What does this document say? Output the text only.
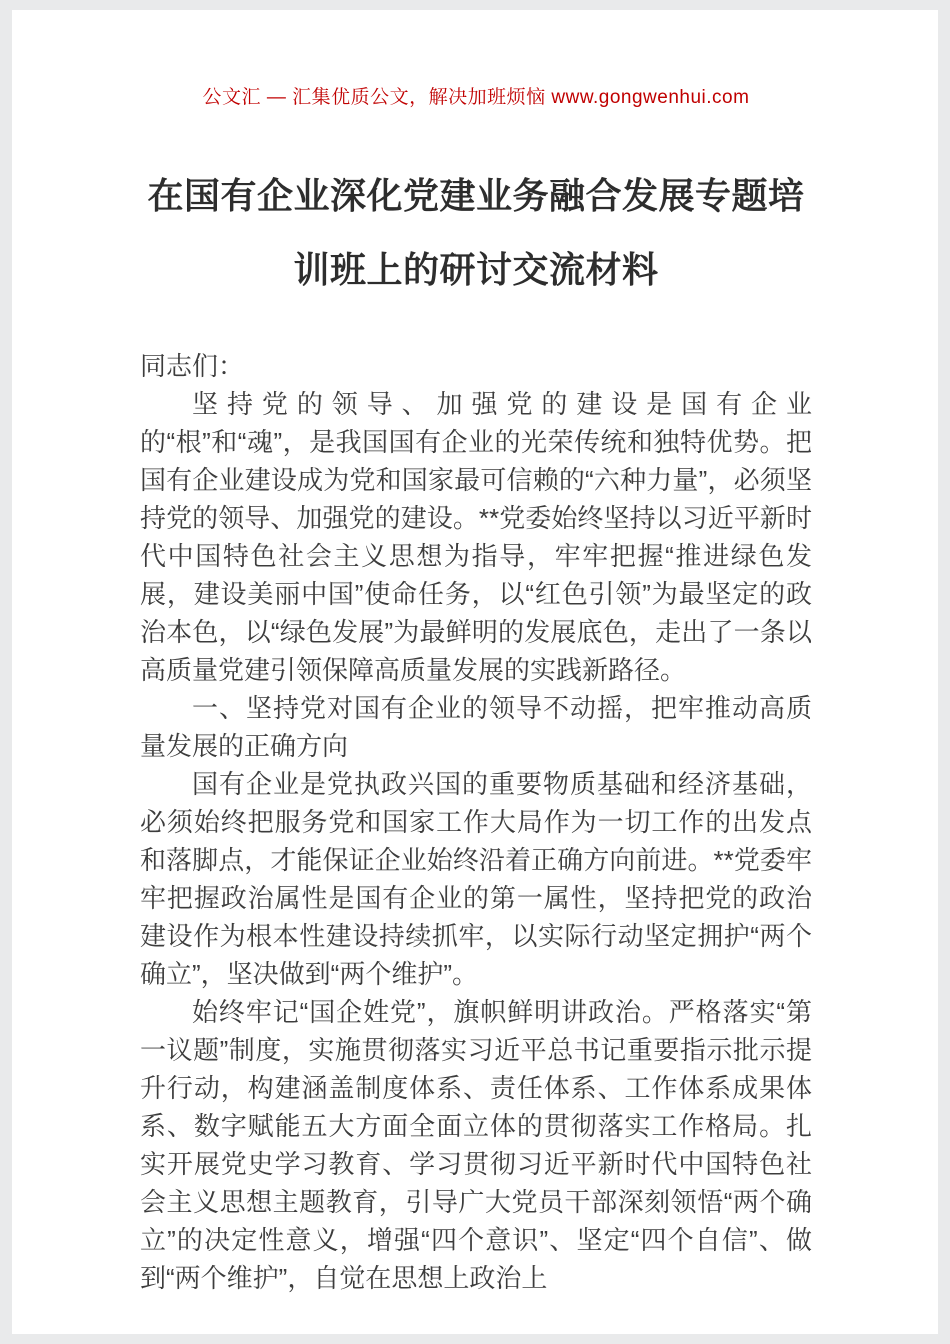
公文汇 — 汇集优质公文，解决加班烦恼 www.gongwenhui.com
在国有企业深化党建业务融合发展专题培训班上的研讨交流材料

同志们：

坚持党的领导、加强党的建设是国有企业的“根”和“魂”，是我国国有企业的光荣传统和独特优势。把国有企业建设成为党和国家最可信赖的“六种力量”，必须坚持党的领导、加强党的建设。**党委始终坚持以习近平新时代中国特色社会主义思想为指导，牢牢把握“推进绿色发展，建设美丽中国”使命任务，以“红色引领”为最坚定的政治本色，以“绿色发展”为最鲜明的发展底色，走出了一条以高质量党建引领保障高质量发展的实践新路径。

一、坚持党对国有企业的领导不动摇，把牢推动高质量发展的正确方向

国有企业是党执政兴国的重要物质基础和经济基础，必须始终把服务党和国家工作大局作为一切工作的出发点和落脚点，才能保证企业始终沿着正确方向前进。**党委牢牢把握政治属性是国有企业的第一属性，坚持把党的政治建设作为根本性建设持续抓牢，以实际行动坚定拥护“两个确立”，坚决做到“两个维护”。

始终牢记“国企姓党”，旗帜鲜明讲政治。严格落实“第一议题”制度，实施贯彻落实习近平总书记重要指示批示提升行动，构建涵盖制度体系、责任体系、工作体系成果体系、数字赋能五大方面全面立体的贯彻落实工作格局。扎实开展党史学习教育、学习贯彻习近平新时代中国特色社会主义思想主题教育，引导广大党员干部深刻领悟“两个确立”的决定性意义，增强“四个意识”、坚定“四个自信”、做到“两个维护”，自觉在思想上政治上
